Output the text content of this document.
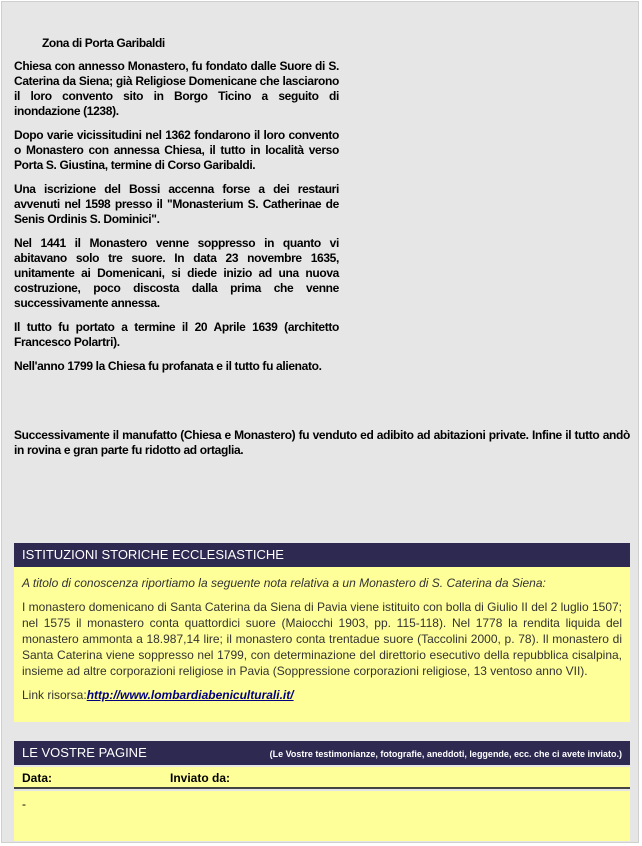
Zona di Porta Garibaldi

Chiesa con annesso Monastero, fu fondato dalle Suore di S. Caterina da Siena; già Religiose Domenicane che lasciarono il loro convento sito in Borgo Ticino a seguito di inondazione (1238).

Dopo varie vicissitudini nel 1362 fondarono il loro convento o Monastero con annessa Chiesa, il tutto in località verso Porta S. Giustina, termine di Corso Garibaldi.

Una iscrizione del Bossi accenna forse a dei restauri avvenuti nel 1598 presso il "Monasterium S. Catherinae de Senis Ordinis S. Dominici".

Nel 1441 il Monastero venne soppresso in quanto vi abitavano solo tre suore. In data 23 novembre 1635, unitamente ai Domenicani, si diede inizio ad una nuova costruzione, poco discosta dalla prima che venne successivamente annessa.

Il tutto fu portato a termine il 20 Aprile 1639 (architetto Francesco Polartri).

Nell'anno 1799 la Chiesa fu profanata e il tutto fu alienato.

Successivamente il manufatto (Chiesa e Monastero) fu venduto ed adibito ad abitazioni private. Infine il tutto andò in rovina e gran parte fu ridotto ad ortaglia.

ISTITUZIONI STORICHE ECCLESIASTICHE

A titolo di conoscenza riportiamo la seguente nota relativa a un Monastero di S. Caterina da Siena:

I monastero domenicano di Santa Caterina da Siena di Pavia viene istituito con bolla di Giulio II del 2 luglio 1507; nel 1575 il monastero conta quattordici suore (Maiocchi 1903, pp. 115-118). Nel 1778 la rendita liquida del monastero ammonta a 18.987,14 lire; il monastero conta trentadue suore (Taccolini 2000, p. 78). Il monastero di Santa Caterina viene soppresso nel 1799, con determinazione del direttorio esecutivo della repubblica cisalpina, insieme ad altre corporazioni religiose in Pavia (Soppressione corporazioni religiose, 13 ventoso anno VII).

Link risorsa:http://www.lombardiabeniculturali.it/

LE VOSTRE PAGINE	(Le Vostre testimonianze, fotografie, aneddoti, leggende, ecc. che ci avete inviato.)
Data:	Inviato da:
-
